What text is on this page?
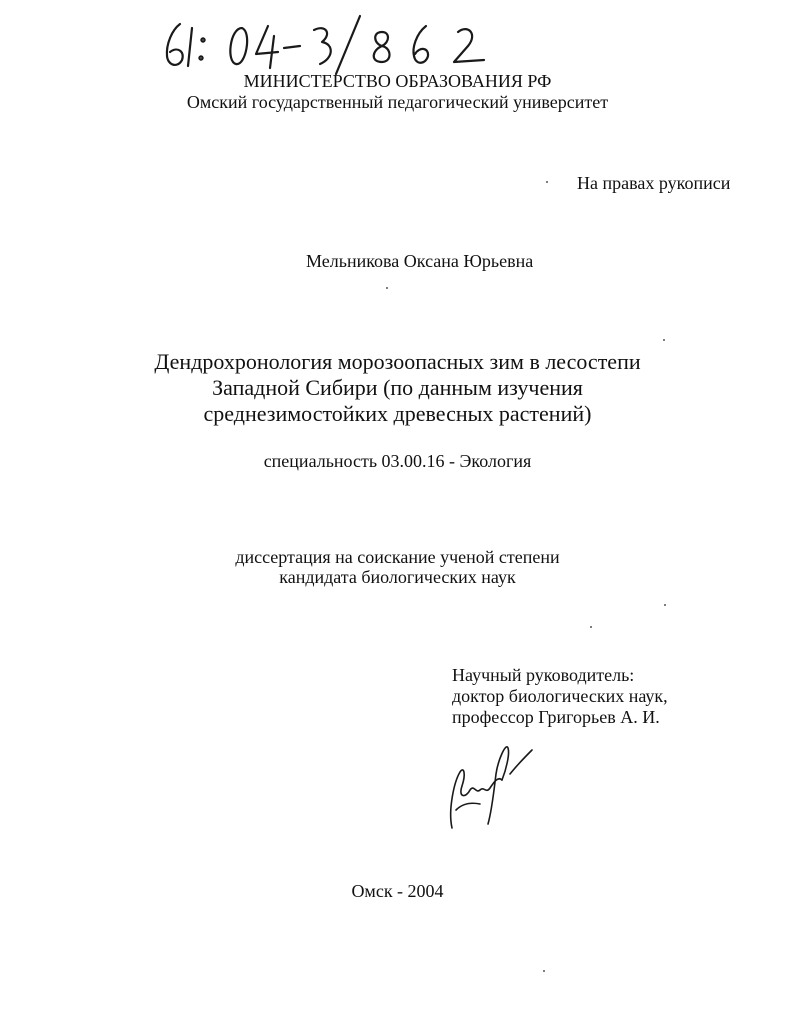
МИНИСТЕРСТВО ОБРАЗОВАНИЯ РФ
Омский государственный педагогический университет
На правах рукописи
Мельникова Оксана Юрьевна
Дендрохронология морозоопасных зим в лесостепи
Западной Сибири (по данным изучения
среднезимостойких древесных растений)
специальность 03.00.16 - Экология
диссертация на соискание ученой степени
кандидата биологических наук
Научный руководитель:
доктор биологических наук,
профессор Григорьев А. И.
Омск - 2004
